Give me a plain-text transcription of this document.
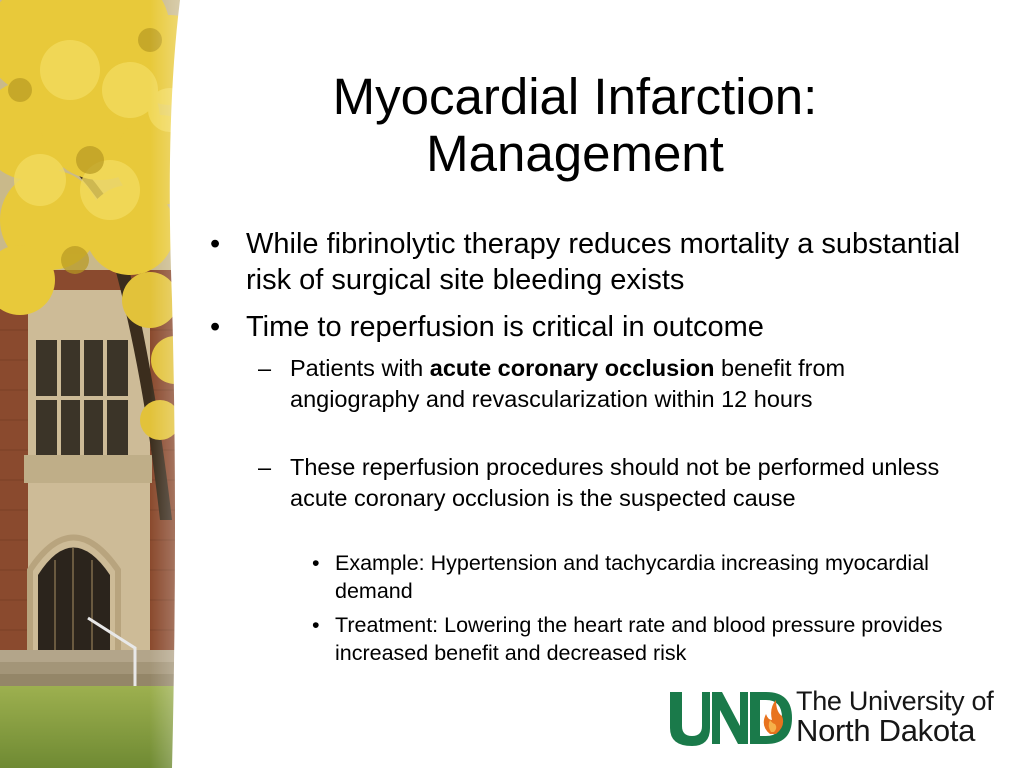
Myocardial Infarction:
Management

• While fibrinolytic therapy reduces mortality a substantial risk of surgical site bleeding exists

• Time to reperfusion is critical in outcome

– Patients with acute coronary occlusion benefit from angiography and revascularization within 12 hours

– These reperfusion procedures should not be performed unless acute coronary occlusion is the suspected cause

• Example: Hypertension and tachycardia increasing myocardial demand

• Treatment: Lowering the heart rate and blood pressure provides increased benefit and decreased risk

The University of
North Dakota
